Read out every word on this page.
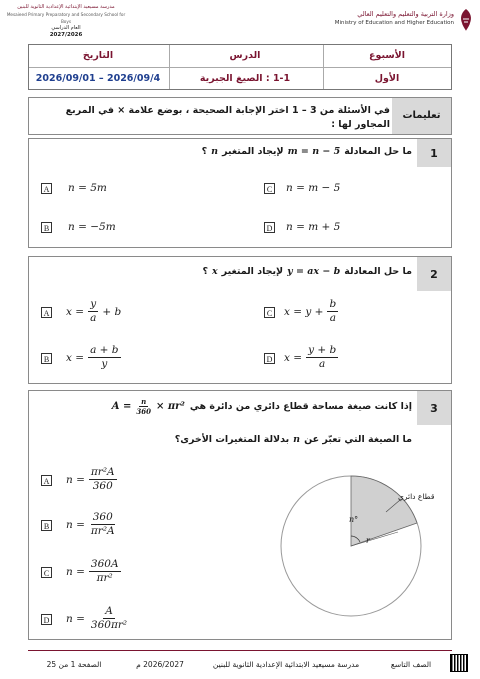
مدرسة مسيعيد الإبتدائية الإعدادية الثانوية للبنين
Mesaieed Primary Preparatory and Secondary School for Boys
العام الدراسي
2027/2026
وزارة التربية والتعليم والتعليم العالي
Ministry of Education and Higher Education
الأسبوع
الدرس
التاريخ
الأول
1-1 : الصيغ الجبرية
2026/09/01 – 2026/09/4
تعليمات
في الأسئلة من 3 – 1 اختر الإجابة الصحيحة ، بوضع علامة × في المربع المجاور لها :
1
ما حل المعادلة
m = n − 5
لإيجاد المتغير
n
؟
A n = 5m
B n = −5m
C n = m − 5
D n = m + 5
2
ما حل المعادلة
y = ax − b
لإيجاد المتغير
x
؟
A $x = \frac{y}{a} + b$
B $x = \frac{a + b}{y}$
C $x = y + \frac{b}{a}$
D $x = \frac{y + b}{a}$
3
إذا كانت صيغة مساحة قطاع دائري من دائرة هي
$A = \frac{n}{360} \times \pi r^2$
ما الصيغة التي تعبّر عن
n
بدلالة المتغيرات الأخرى؟
A $n = \frac{\text{πr²A}}{360}$
B $n = \frac{360}{\text{πr²A}}$
C $n = \frac{360A}{\text{πr²}}$
D $n = \frac{A}{\text{360πr²}}$
قطاع دائري
n°
r
الصف التاسع
مدرسة مسيعيد الابتدائية الإعدادية الثانوية للبنين
2026/2027 م
الصفحة 1 من 25
